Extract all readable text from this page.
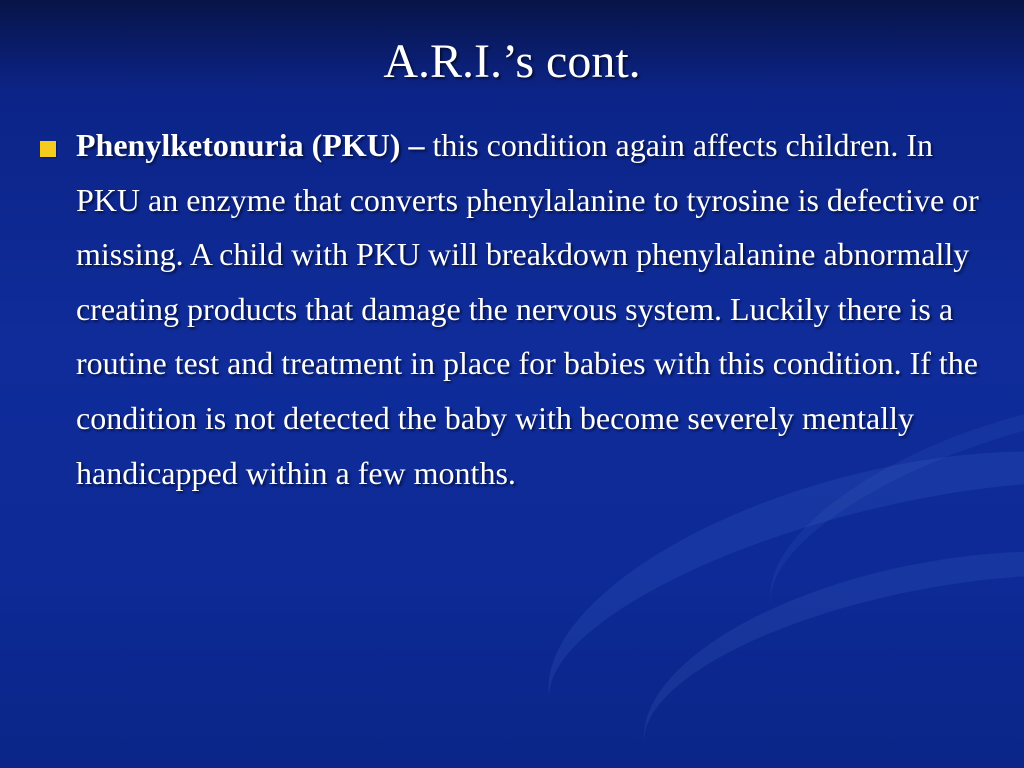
A.R.I.’s cont.
Phenylketonuria (PKU) – this condition again affects children. In PKU an enzyme that converts phenylalanine to tyrosine is defective or missing. A child with PKU will breakdown phenylalanine abnormally creating products that damage the nervous system. Luckily there is a routine test and treatment in place for babies with this condition. If the condition is not detected the baby with become severely mentally handicapped within a few months.
